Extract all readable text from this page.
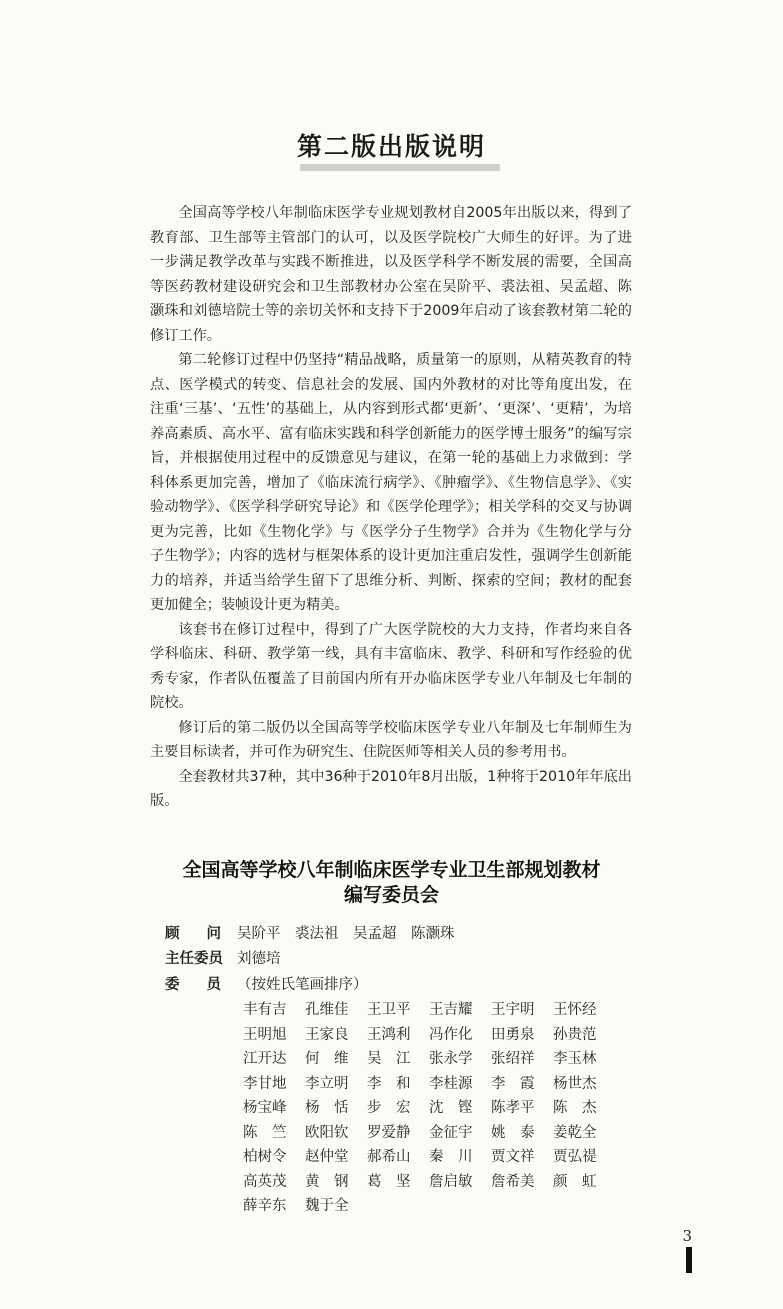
第二版出版说明

全国高等学校八年制临床医学专业规划教材自2005年出版以来，得到了教育部、卫生部等主管部门的认可，以及医学院校广大师生的好评。为了进一步满足教学改革与实践不断推进，以及医学科学不断发展的需要，全国高等医药教材建设研究会和卫生部教材办公室在吴阶平、裘法祖、吴孟超、陈灏珠和刘德培院士等的亲切关怀和支持下于2009年启动了该套教材第二轮的修订工作。

第二轮修订过程中仍坚持“精品战略，质量第一的原则，从精英教育的特点、医学模式的转变、信息社会的发展、国内外教材的对比等角度出发，在注重‘三基’、‘五性’的基础上，从内容到形式都‘更新’、‘更深’、‘更精’，为培养高素质、高水平、富有临床实践和科学创新能力的医学博士服务”的编写宗旨，并根据使用过程中的反馈意见与建议，在第一轮的基础上力求做到：学科体系更加完善，增加了《临床流行病学》、《肿瘤学》、《生物信息学》、《实验动物学》、《医学科学研究导论》和《医学伦理学》；相关学科的交叉与协调更为完善，比如《生物化学》与《医学分子生物学》合并为《生物化学与分子生物学》；内容的选材与框架体系的设计更加注重启发性，强调学生创新能力的培养，并适当给学生留下了思维分析、判断、探索的空间；教材的配套更加健全；装帧设计更为精美。

该套书在修订过程中，得到了广大医学院校的大力支持，作者均来自各学科临床、科研、教学第一线，具有丰富临床、教学、科研和写作经验的优秀专家，作者队伍覆盖了目前国内所有开办临床医学专业八年制及七年制的院校。

修订后的第二版仍以全国高等学校临床医学专业八年制及七年制师生为主要目标读者，并可作为研究生、住院医师等相关人员的参考用书。

全套教材共37种，其中36种于2010年8月出版，1种将于2010年年底出版。

全国高等学校八年制临床医学专业卫生部规划教材
编写委员会
顾 问 吴阶平　裘法祖　吴孟超　陈灏珠
主任委员 刘德培
委 员 （按姓氏笔画排序）
丰有吉	孔维佳	王卫平	王吉耀	王宇明	王怀经
王明旭	王家良	王鸿利	冯作化	田勇泉	孙贵范
江开达	何　维	吴　江	张永学	张绍祥	李玉林
李甘地	李立明	李　和	李桂源	李　霞	杨世杰
杨宝峰	杨　恬	步　宏	沈　铿	陈孝平	陈　杰
陈　竺	欧阳钦	罗爱静	金征宇	姚　泰	姜乾全
柏树令	赵仲堂	郝希山	秦　川	贾文祥	贾弘禔
高英茂	黄　钢	葛　坚	詹启敏	詹希美	颜　虹
薛辛东	魏于全
3
